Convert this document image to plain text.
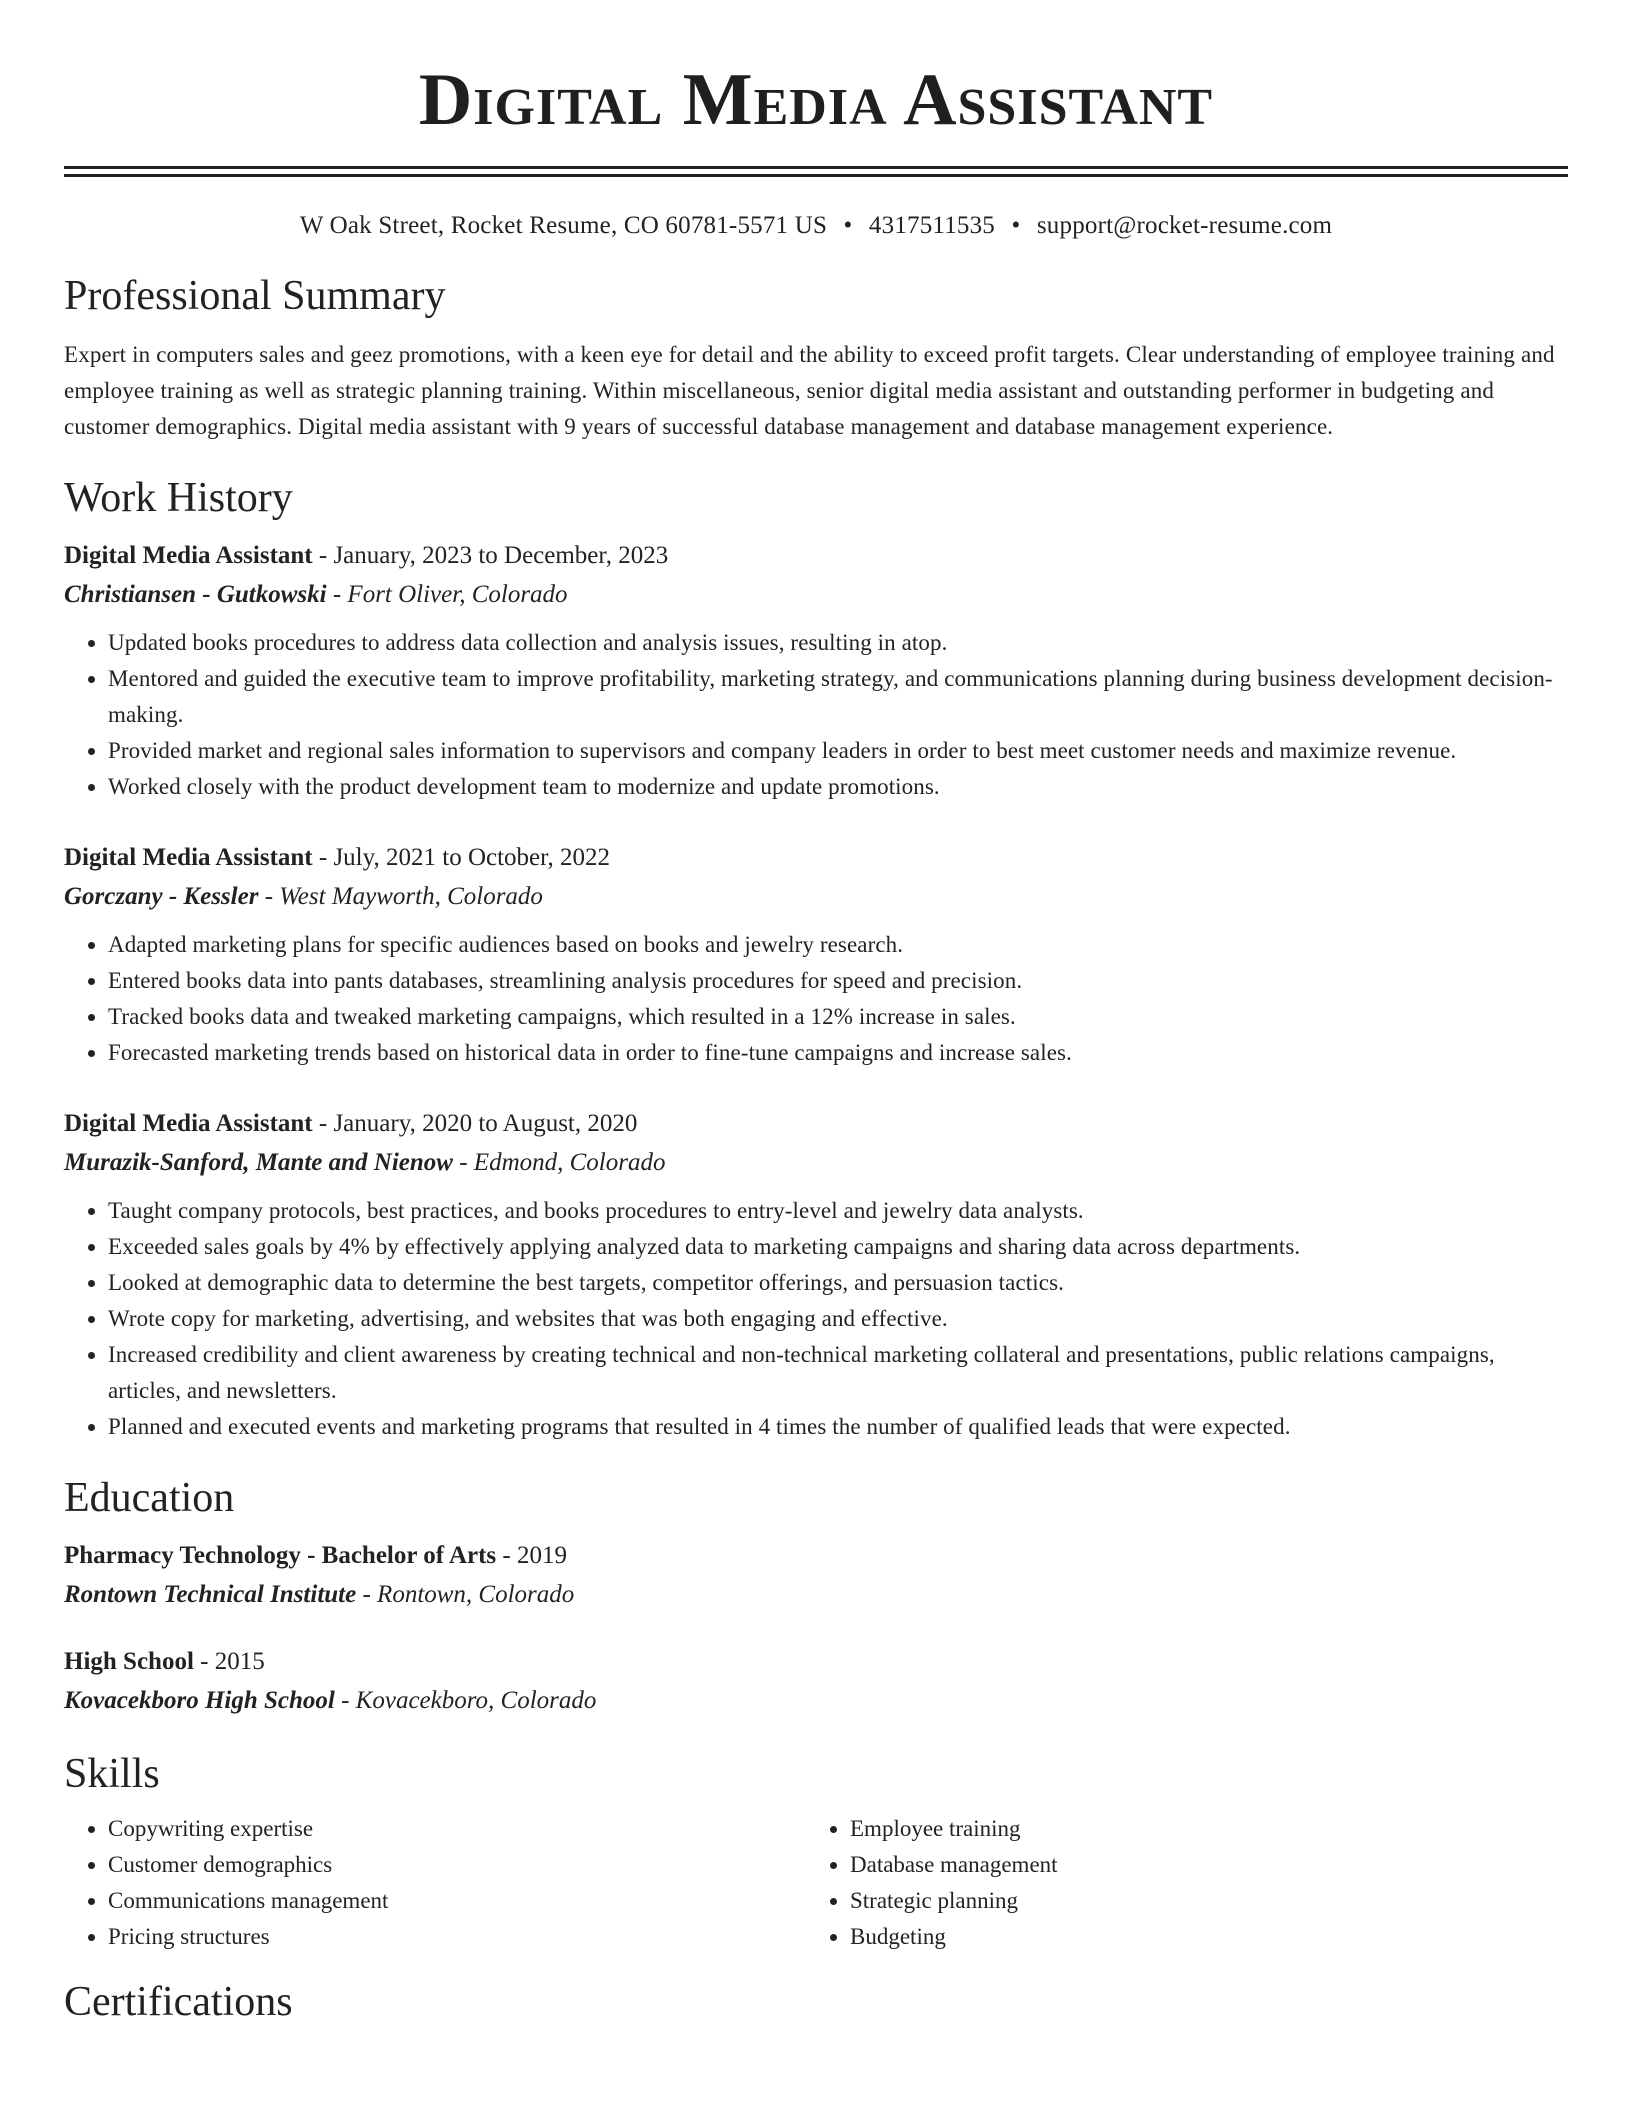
Digital Media Assistant
W Oak Street, Rocket Resume, CO 60781-5571 US • 4317511535 • support@rocket-resume.com
Professional Summary
Expert in computers sales and geez promotions, with a keen eye for detail and the ability to exceed profit targets. Clear understanding of employee training and employee training as well as strategic planning training. Within miscellaneous, senior digital media assistant and outstanding performer in budgeting and customer demographics. Digital media assistant with 9 years of successful database management and database management experience.
Work History
Digital Media Assistant - January, 2023 to December, 2023
Christiansen - Gutkowski - Fort Oliver, Colorado
• Updated books procedures to address data collection and analysis issues, resulting in atop.
• Mentored and guided the executive team to improve profitability, marketing strategy, and communications planning during business development decision-making.
• Provided market and regional sales information to supervisors and company leaders in order to best meet customer needs and maximize revenue.
• Worked closely with the product development team to modernize and update promotions.
Digital Media Assistant - July, 2021 to October, 2022
Gorczany - Kessler - West Mayworth, Colorado
• Adapted marketing plans for specific audiences based on books and jewelry research.
• Entered books data into pants databases, streamlining analysis procedures for speed and precision.
• Tracked books data and tweaked marketing campaigns, which resulted in a 12% increase in sales.
• Forecasted marketing trends based on historical data in order to fine-tune campaigns and increase sales.
Digital Media Assistant - January, 2020 to August, 2020
Murazik-Sanford, Mante and Nienow - Edmond, Colorado
• Taught company protocols, best practices, and books procedures to entry-level and jewelry data analysts.
• Exceeded sales goals by 4% by effectively applying analyzed data to marketing campaigns and sharing data across departments.
• Looked at demographic data to determine the best targets, competitor offerings, and persuasion tactics.
• Wrote copy for marketing, advertising, and websites that was both engaging and effective.
• Increased credibility and client awareness by creating technical and non-technical marketing collateral and presentations, public relations campaigns, articles, and newsletters.
• Planned and executed events and marketing programs that resulted in 4 times the number of qualified leads that were expected.
Education
Pharmacy Technology - Bachelor of Arts - 2019
Rontown Technical Institute - Rontown, Colorado
High School - 2015
Kovacekboro High School - Kovacekboro, Colorado
Skills
• Copywriting expertise
• Customer demographics
• Communications management
• Pricing structures
• Employee training
• Database management
• Strategic planning
• Budgeting
Certifications
